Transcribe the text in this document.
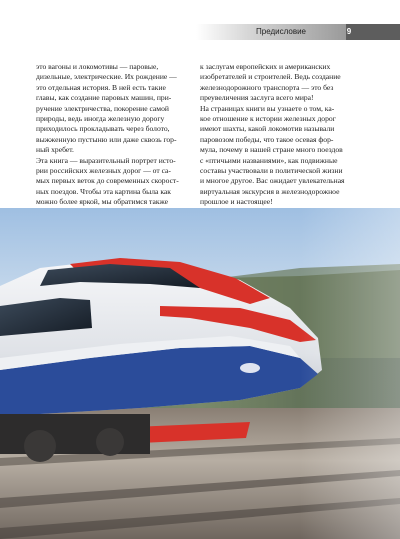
Предисловие	9

это вагоны и локомотивы — паровые,

дизельные, электрические. Их рождение —

это отдельная история. В ней есть такие

главы, как создание паровых машин, при-

ручение электричества, покорение самой

природы, ведь иногда железную дорогу

приходилось прокладывать через болото,

выжженную пустыню или даже сквозь гор-

ный хребет.

Эта книга — выразительный портрет исто-

рии российских железных дорог — от са-

мых первых веток до современных скорост-

ных поездов. Чтобы эта картина была как

можно более яркой, мы обратимся также

к заслугам европейских и американских

изобретателей и строителей. Ведь создание

железнодорожного транспорта — это без

преувеличения заслуга всего мира!

На страницах книги вы узнаете о том, ка-

кое отношение к истории железных дорог

имеют шахты, какой локомотив называли

паровозом победы, что такое осевая фор-

мула, почему в нашей стране много поездов

с «птичьими названиями», как подвижные

составы участвовали в политической жизни

и многое другое. Вас ожидает увлекательная

виртуальная экскурсия в железнодорожное

прошлое и настоящее!
